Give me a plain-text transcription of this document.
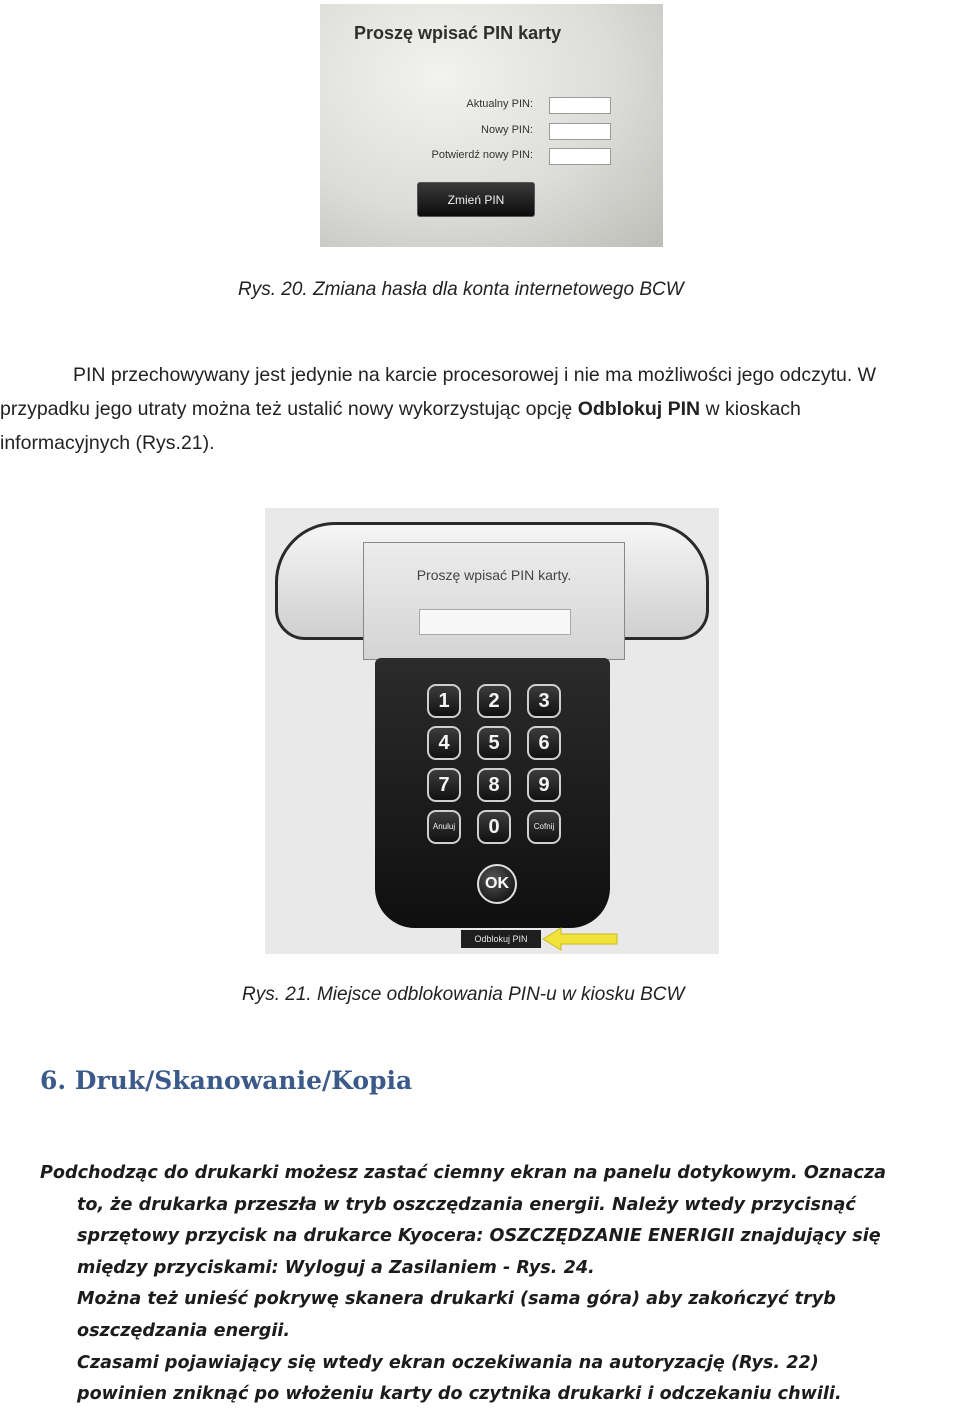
Proszę wpisać PIN karty
Aktualny PIN:
Nowy PIN:
Potwierdź nowy PIN:
Zmień PIN
Rys. 20. Zmiana hasła dla konta internetowego BCW
PIN przechowywany jest jedynie na karcie procesorowej i nie ma możliwości jego odczytu. W
przypadku jego utraty można też ustalić nowy wykorzystując opcję Odblokuj PIN w kioskach
informacyjnych (Rys.21).
Proszę wpisać PIN karty.
1	2	3
4	5	6
7	8	9
Anuluj	0	Cofnij
OK
Odblokuj PIN
Rys. 21. Miejsce odblokowania PIN-u w kiosku BCW
6. Druk/Skanowanie/Kopia
Podchodząc do drukarki możesz zastać ciemny ekran na panelu dotykowym. Oznacza
to, że drukarka przeszła w tryb oszczędzania energii. Należy wtedy przycisnąć
sprzętowy przycisk na drukarce Kyocera: OSZCZĘDZANIE ENERIGII znajdujący się
między przyciskami: Wyloguj a Zasilaniem - Rys. 24.
Można też unieść pokrywę skanera drukarki (sama góra) aby zakończyć tryb
oszczędzania energii.
Czasami pojawiający się wtedy ekran oczekiwania na autoryzację (Rys. 22)
powinien zniknąć po włożeniu karty do czytnika drukarki i odczekaniu chwili.
